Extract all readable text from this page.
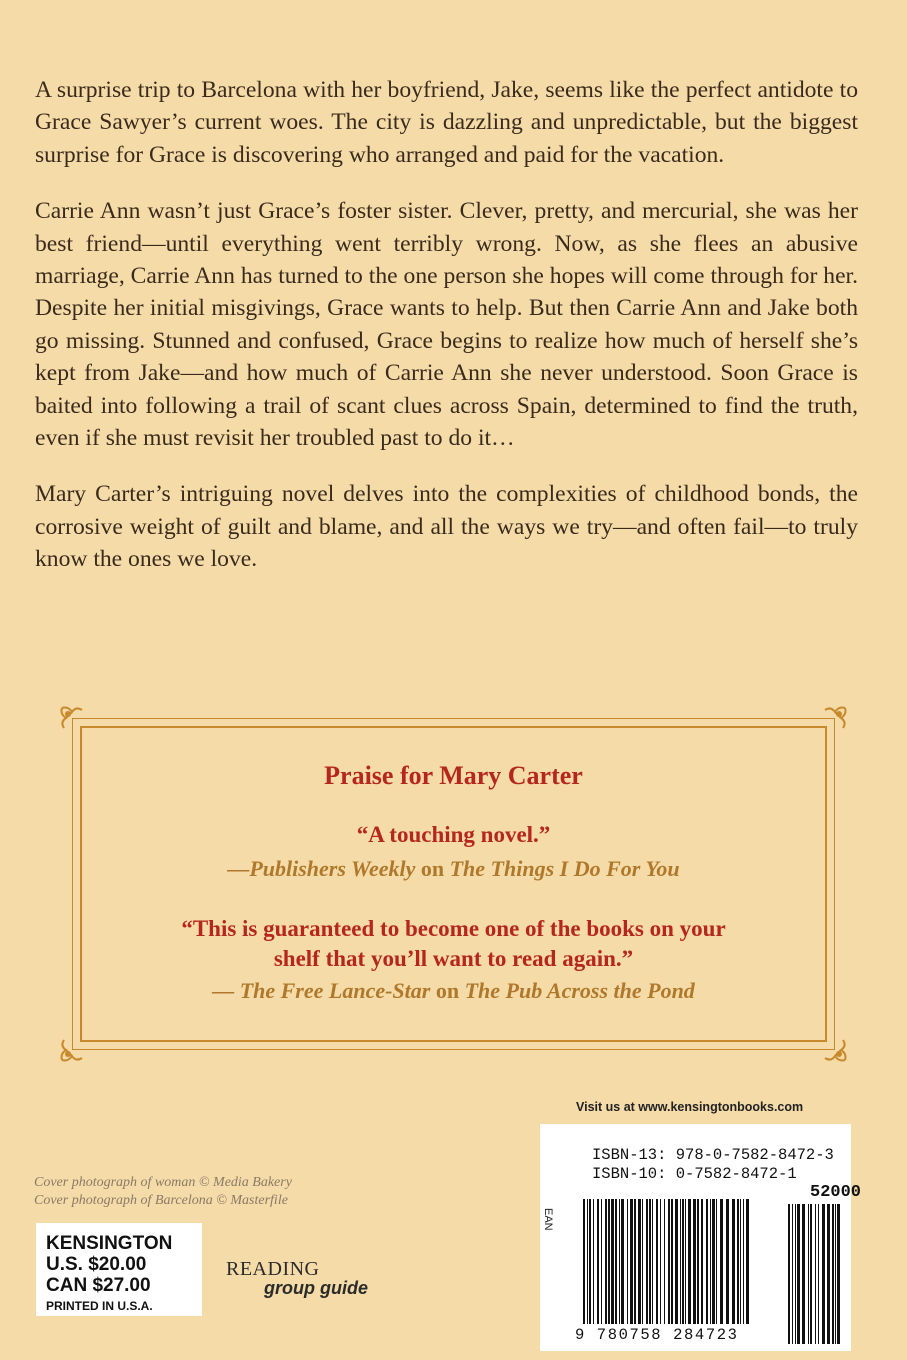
A surprise trip to Barcelona with her boyfriend, Jake, seems like the perfect antidote to Grace Sawyer’s current woes. The city is dazzling and unpredictable, but the biggest surprise for Grace is discovering who arranged and paid for the vacation.

Carrie Ann wasn’t just Grace’s foster sister. Clever, pretty, and mercurial, she was her best friend—until everything went terribly wrong. Now, as she flees an abusive marriage, Carrie Ann has turned to the one person she hopes will come through for her. Despite her initial misgivings, Grace wants to help. But then Carrie Ann and Jake both go missing. Stunned and confused, Grace begins to realize how much of herself she’s kept from Jake—and how much of Carrie Ann she never understood. Soon Grace is baited into following a trail of scant clues across Spain, determined to find the truth, even if she must revisit her troubled past to do it…

Mary Carter’s intriguing novel delves into the complexities of childhood bonds, the corrosive weight of guilt and blame, and all the ways we try—and often fail—to truly know the ones we love.

Praise for Mary Carter
“A touching novel.”
—Publishers Weekly on The Things I Do For You
“This is guaranteed to become one of the books on your
shelf that you’ll want to read again.”
— The Free Lance-Star on The Pub Across the Pond
Visit us at www.kensingtonbooks.com
ISBN-13: 978-0-7582-8472-3
ISBN-10: 0-7582-8472-1
52000
EAN
9 780758 284723
Cover photograph of woman © Media Bakery
Cover photograph of Barcelona © Masterfile
KENSINGTON
U.S. $20.00
CAN $27.00
PRINTED IN U.S.A.
READING
group guide
